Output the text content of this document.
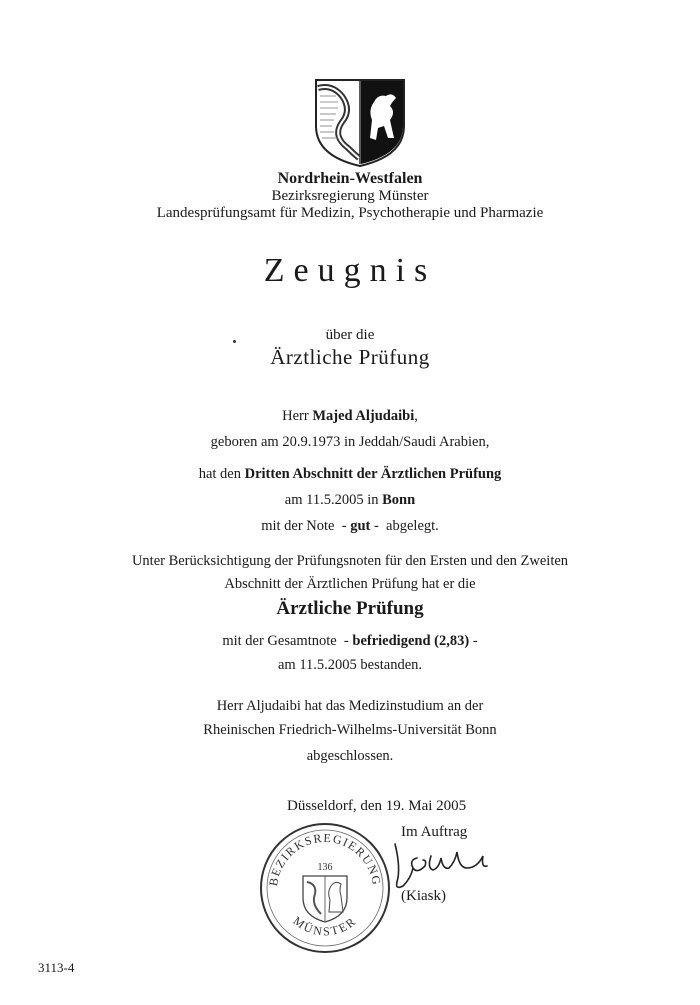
Nordrhein-Westfalen
Bezirksregierung Münster
Landesprüfungsamt für Medizin, Psychotherapie und Pharmazie
Zeugnis
über die
Ärztliche Prüfung
Herr Majed Aljudaibi,
geboren am 20.9.1973 in Jeddah/Saudi Arabien,
hat den Dritten Abschnitt der Ärztlichen Prüfung
am 11.5.2005 in Bonn
mit der Note  - gut -  abgelegt.
Unter Berücksichtigung der Prüfungsnoten für den Ersten und den Zweiten
Abschnitt der Ärztlichen Prüfung hat er die
Ärztliche Prüfung
mit der Gesamtnote  - befriedigend (2,83) -
am 11.5.2005 bestanden.
Herr Aljudaibi hat das Medizinstudium an der
Rheinischen Friedrich-Wilhelms-Universität Bonn
abgeschlossen.
Düsseldorf, den 19. Mai 2005
Im Auftrag
BEZIRKSREGIERUNG
MÜNSTER
136
(Kiask)
3113-4
